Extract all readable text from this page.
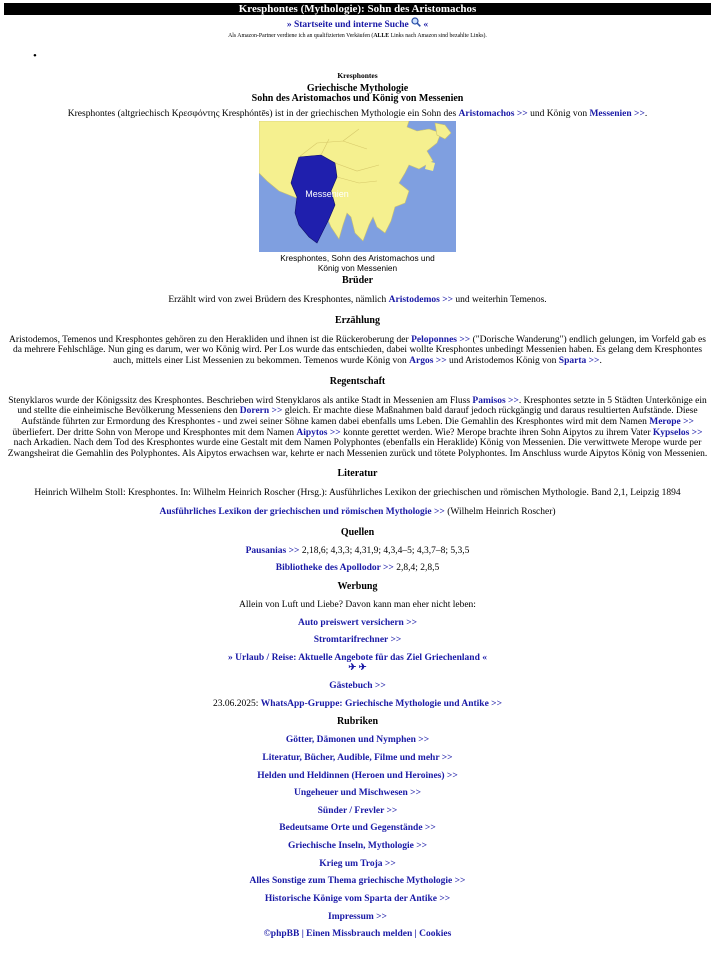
Kresphontes (Mythologie): Sohn des Aristomachos
» Startseite und interne Suche «
Als Amazon-Partner verdiene ich an qualifizierten Verkäufen (ALLE Links nach Amazon sind bezahlte Links).
•
Kresphontes
Griechische Mythologie
Sohn des Aristomachos und König von Messenien
Kresphontes (altgriechisch Κρεσφόντης Kresphóntēs) ist in der griechischen Mythologie ein Sohn des Aristomachos >> und König von Messenien >>.
Messenien
Kresphontes, Sohn des Aristomachos und
König von Messenien
Brüder
Erzählt wird von zwei Brüdern des Kresphontes, nämlich Aristodemos >> und weiterhin Temenos.
Erzählung
Aristodemos, Temenos und Kresphontes gehören zu den Herakliden und ihnen ist die Rückeroberung der Peloponnes >> ("Dorische Wanderung") endlich gelungen, im Vorfeld gab es da mehrere Fehlschläge. Nun ging es darum, wer wo König wird. Per Los wurde das entschieden, dabei wollte Kresphontes unbedingt Messenien haben. Es gelang dem Kresphontes auch, mittels einer List Messenien zu bekommen. Temenos wurde König von Argos >> und Aristodemos König von Sparta >>.
Regentschaft
Stenyklaros wurde der Königssitz des Kresphontes. Beschrieben wird Stenyklaros als antike Stadt in Messenien am Fluss Pamisos >>. Kresphontes setzte in 5 Städten Unterkönige ein und stellte die einheimische Bevölkerung Messeniens den Dorern >> gleich. Er machte diese Maßnahmen bald darauf jedoch rückgängig und daraus resultierten Aufstände. Diese Aufstände führten zur Ermordung des Kresphontes - und zwei seiner Söhne kamen dabei ebenfalls ums Leben. Die Gemahlin des Kresphontes wird mit dem Namen Merope >> überliefert. Der dritte Sohn von Merope und Kresphontes mit dem Namen Aipytos >> konnte gerettet werden. Wie? Merope brachte ihren Sohn Aipytos zu ihrem Vater Kypselos >> nach Arkadien. Nach dem Tod des Kresphontes wurde eine Gestalt mit dem Namen Polyphontes (ebenfalls ein Heraklide) König von Messenien. Die verwittwete Merope wurde per Zwangsheirat die Gemahlin des Polyphontes. Als Aipytos erwachsen war, kehrte er nach Messenien zurück und tötete Polyphontes. Im Anschluss wurde Aipytos König von Messenien.
Literatur
Heinrich Wilhelm Stoll: Kresphontes. In: Wilhelm Heinrich Roscher (Hrsg.): Ausführliches Lexikon der griechischen und römischen Mythologie. Band 2,1, Leipzig 1894
Ausführliches Lexikon der griechischen und römischen Mythologie >> (Wilhelm Heinrich Roscher)
Quellen
Pausanias >> 2,18,6; 4,3,3; 4,31,9; 4,3,4–5; 4,3,7–8; 5,3,5
Bibliotheke des Apollodor >> 2,8,4; 2,8,5
Werbung
Allein von Luft und Liebe? Davon kann man eher nicht leben:
Auto preiswert versichern >>
Stromtarifrechner >>
» Urlaub / Reise: Aktuelle Angebote für das Ziel Griechenland «
✈ ✈
Gästebuch >>
23.06.2025: WhatsApp-Gruppe: Griechische Mythologie und Antike >>
Rubriken
Götter, Dämonen und Nymphen >>
Literatur, Bücher, Audible, Filme und mehr >>
Helden und Heldinnen (Heroen und Heroines) >>
Ungeheuer und Mischwesen >>
Sünder / Frevler >>
Bedeutsame Orte und Gegenstände >>
Griechische Inseln, Mythologie >>
Krieg um Troja >>
Alles Sonstige zum Thema griechische Mythologie >>
Historische Könige vom Sparta der Antike >>
Impressum >>
©phpBB | Einen Missbrauch melden | Cookies
